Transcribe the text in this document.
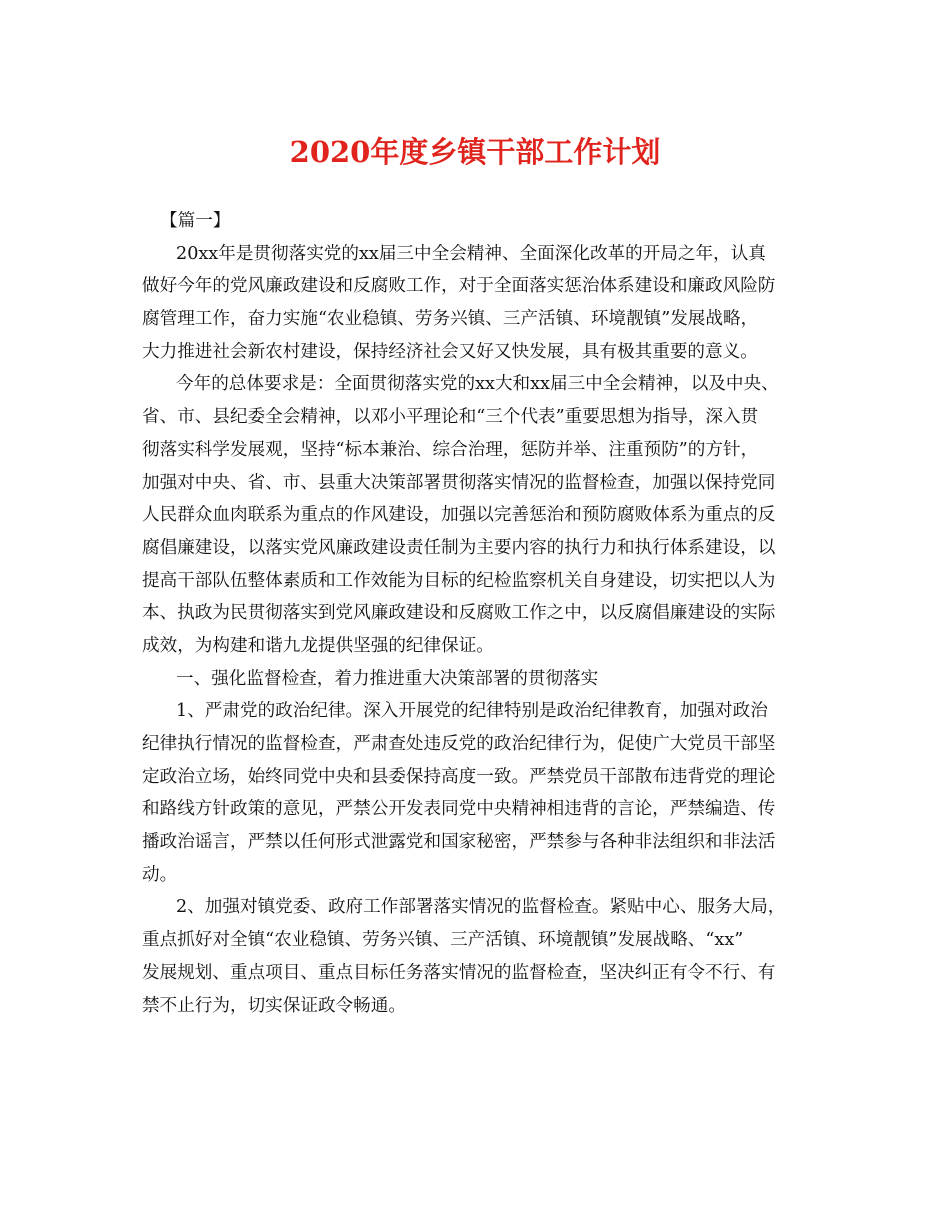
2020年度乡镇干部工作计划
【篇一】
20xx年是贯彻落实党的xx届三中全会精神、全面深化改革的开局之年，认真
做好今年的党风廉政建设和反腐败工作，对于全面落实惩治体系建设和廉政风险防
腐管理工作，奋力实施“农业稳镇、劳务兴镇、三产活镇、环境靓镇”发展战略，
大力推进社会新农村建设，保持经济社会又好又快发展，具有极其重要的意义。
今年的总体要求是：全面贯彻落实党的xx大和xx届三中全会精神，以及中央、
省、市、县纪委全会精神，以邓小平理论和“三个代表”重要思想为指导，深入贯
彻落实科学发展观，坚持“标本兼治、综合治理，惩防并举、注重预防”的方针，
加强对中央、省、市、县重大决策部署贯彻落实情况的监督检查，加强以保持党同
人民群众血肉联系为重点的作风建设，加强以完善惩治和预防腐败体系为重点的反
腐倡廉建设，以落实党风廉政建设责任制为主要内容的执行力和执行体系建设，以
提高干部队伍整体素质和工作效能为目标的纪检监察机关自身建设，切实把以人为
本、执政为民贯彻落实到党风廉政建设和反腐败工作之中，以反腐倡廉建设的实际
成效，为构建和谐九龙提供坚强的纪律保证。
一、强化监督检查，着力推进重大决策部署的贯彻落实
1、严肃党的政治纪律。深入开展党的纪律特别是政治纪律教育，加强对政治
纪律执行情况的监督检查，严肃查处违反党的政治纪律行为，促使广大党员干部坚
定政治立场，始终同党中央和县委保持高度一致。严禁党员干部散布违背党的理论
和路线方针政策的意见，严禁公开发表同党中央精神相违背的言论，严禁编造、传
播政治谣言，严禁以任何形式泄露党和国家秘密，严禁参与各种非法组织和非法活
动。
2、加强对镇党委、政府工作部署落实情况的监督检查。紧贴中心、服务大局，
重点抓好对全镇“农业稳镇、劳务兴镇、三产活镇、环境靓镇”发展战略、“xx”
发展规划、重点项目、重点目标任务落实情况的监督检查，坚决纠正有令不行、有
禁不止行为，切实保证政令畅通。
